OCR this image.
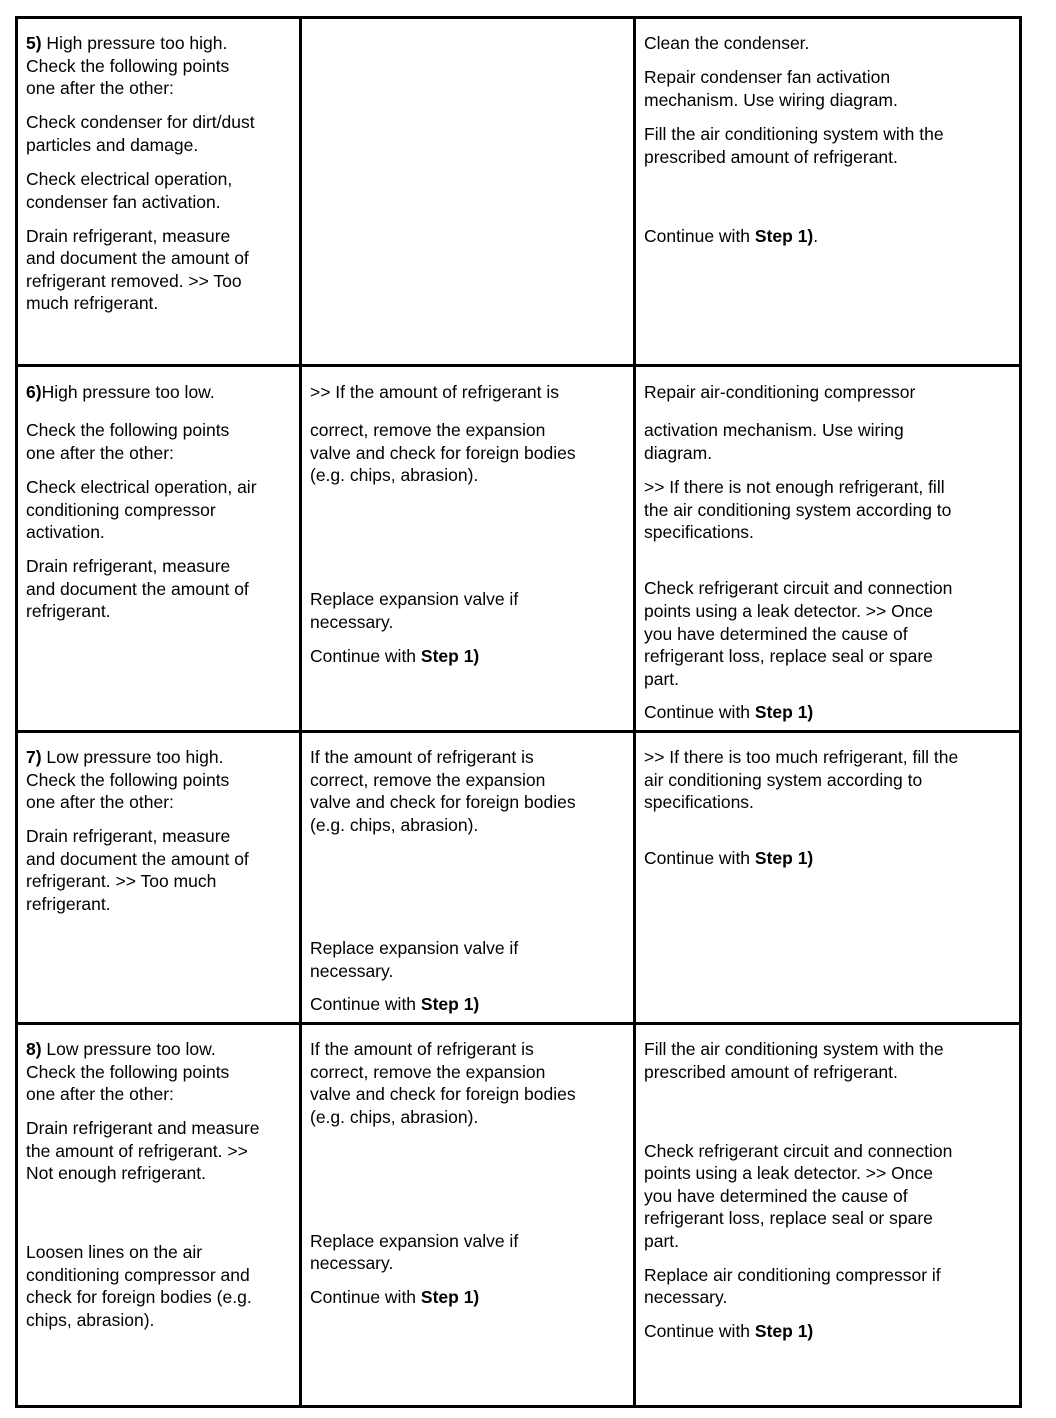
5) High pressure too high.
Check the following points
one after the other:
Check condenser for dirt/dust
particles and damage.
Check electrical operation,
condenser fan activation.
Drain refrigerant, measure
and document the amount of
refrigerant removed. >> Too
much refrigerant.
Clean the condenser.
Repair condenser fan activation
mechanism. Use wiring diagram.
Fill the air conditioning system with the
prescribed amount of refrigerant.
Continue with Step 1).
6)High pressure too low.
Check the following points
one after the other:
Check electrical operation, air
conditioning compressor
activation.
Drain refrigerant, measure
and document the amount of
refrigerant.
>> If the amount of refrigerant is
correct, remove the expansion
valve and check for foreign bodies
(e.g. chips, abrasion).
Replace expansion valve if
necessary.
Continue with Step 1)
Repair air-conditioning compressor
activation mechanism. Use wiring
diagram.
>> If there is not enough refrigerant, fill
the air conditioning system according to
specifications.
Check refrigerant circuit and connection
points using a leak detector. >> Once
you have determined the cause of
refrigerant loss, replace seal or spare
part.
Continue with Step 1)
7) Low pressure too high.
Check the following points
one after the other:
Drain refrigerant, measure
and document the amount of
refrigerant. >> Too much
refrigerant.
If the amount of refrigerant is
correct, remove the expansion
valve and check for foreign bodies
(e.g. chips, abrasion).
Replace expansion valve if
necessary.
Continue with Step 1)
>> If there is too much refrigerant, fill the
air conditioning system according to
specifications.
Continue with Step 1)
8) Low pressure too low.
Check the following points
one after the other:
Drain refrigerant and measure
the amount of refrigerant. >>
Not enough refrigerant.
Loosen lines on the air
conditioning compressor and
check for foreign bodies (e.g.
chips, abrasion).
If the amount of refrigerant is
correct, remove the expansion
valve and check for foreign bodies
(e.g. chips, abrasion).
Replace expansion valve if
necessary.
Continue with Step 1)
Fill the air conditioning system with the
prescribed amount of refrigerant.
Check refrigerant circuit and connection
points using a leak detector. >> Once
you have determined the cause of
refrigerant loss, replace seal or spare
part.
Replace air conditioning compressor if
necessary.
Continue with Step 1)
